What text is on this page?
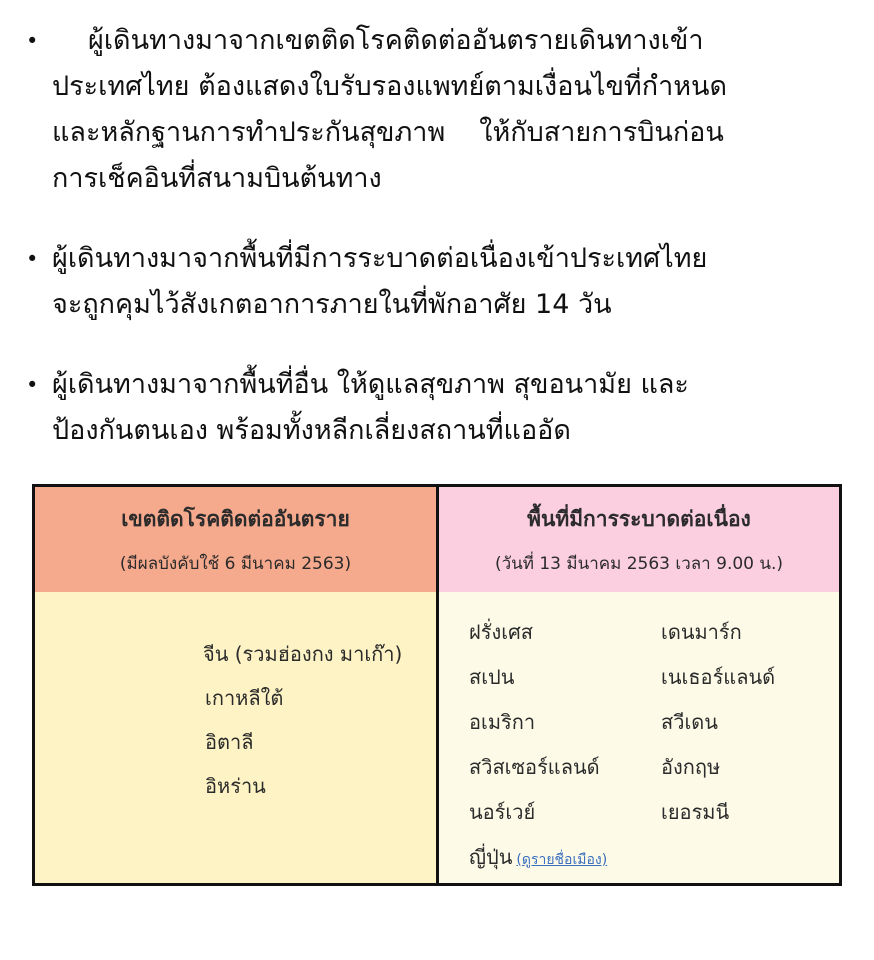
•	ผู้เดินทางมาจากเขตติดโรคติดต่ออันตรายเดินทางเข้า
ประเทศไทย ต้องแสดงใบรับรองแพทย์ตามเงื่อนไขที่กำหนด
และหลักฐานการทำประกันสุขภาพ ให้กับสายการบินก่อน
การเช็คอินที่สนามบินต้นทาง
• ผู้เดินทางมาจากพื้นที่มีการระบาดต่อเนื่องเข้าประเทศไทย
จะถูกคุมไว้สังเกตอาการภายในที่พักอาศัย 14 วัน
• ผู้เดินทางมาจากพื้นที่อื่น ให้ดูแลสุขภาพ สุขอนามัย และ
ป้องกันตนเอง พร้อมทั้งหลีกเลี่ยงสถานที่แออัด
เขตติดโรคติดต่ออันตราย
(มีผลบังคับใช้ 6 มีนาคม 2563)
พื้นที่มีการระบาดต่อเนื่อง
(วันที่ 13 มีนาคม 2563 เวลา 9.00 น.)
จีน (รวมฮ่องกง มาเก๊า)
เกาหลีใต้
อิตาลี
อิหร่าน
ฝรั่งเศส
สเปน
อเมริกา
สวิสเซอร์แลนด์
นอร์เวย์
ญี่ปุ่น (ดูรายชื่อเมือง)
เดนมาร์ก
เนเธอร์แลนด์
สวีเดน
อังกฤษ
เยอรมนี
